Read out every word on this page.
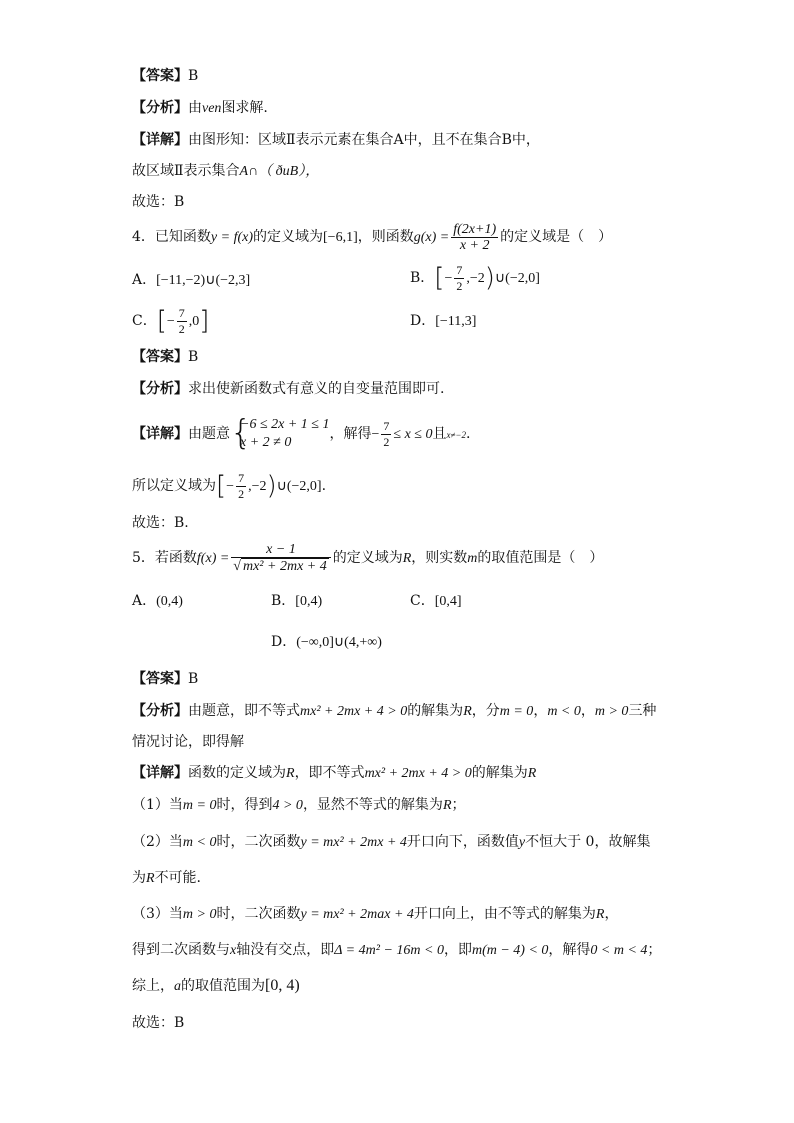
【答案】B
【分析】由ven图求解.
【详解】由图形知：区域Ⅱ表示元素在集合A中，且不在集合B中，
故区域Ⅱ表示集合A∩（ ðuB），
故选：B
4．已知函数y = f(x)的定义域为[−6,1]，则函数$g(x) = \frac{f(2x+1)}{x + 2}$ 的定义域是（　）
A．[−11,−2)∪(−2,3]	B．[− $\frac{7}{2}$ ,−2)∪(−2,0]
C．[− $\frac{7}{2} ,0$]	D．[−11,3]
【答案】B
【分析】求出使新函数式有意义的自变量范围即可.
【详解】由题意 {
−6 ≤ 2x + 1 ≤ 1
x + 2 ≠ 0
，解得− $\frac{7}{2} \le x \le 0$且x≠−2.
所以定义域为[− $\frac{7}{2}$ ,−2)∪(−2,0].
故选：B.
5．若函数$f(x) = \frac{x - 1}{\text{√ mx² + 2mx + 4}}$ 的定义域为R，则实数m的取值范围是（　）
A．(0,4)	B．[0,4)	C．[0,4]
D．(−∞,0]∪(4,+∞)
【答案】B
【分析】由题意，即不等式mx² + 2mx + 4 > 0的解集为R，分m = 0，m < 0，m > 0三种
情况讨论，即得解
【详解】函数的定义域为R，即不等式mx² + 2mx + 4 > 0的解集为R
（1）当m = 0时，得到4 > 0，显然不等式的解集为R；
（2）当m < 0时，二次函数y = mx² + 2mx + 4开口向下，函数值y不恒大于 0，故解集
为R不可能.
（3）当m > 0时，二次函数y = mx² + 2max + 4开口向上，由不等式的解集为R，
得到二次函数与x轴没有交点，即Δ = 4m² − 16m < 0，即m(m − 4) < 0，解得0 < m < 4；
综上，a的取值范围为[0, 4)
故选：B
